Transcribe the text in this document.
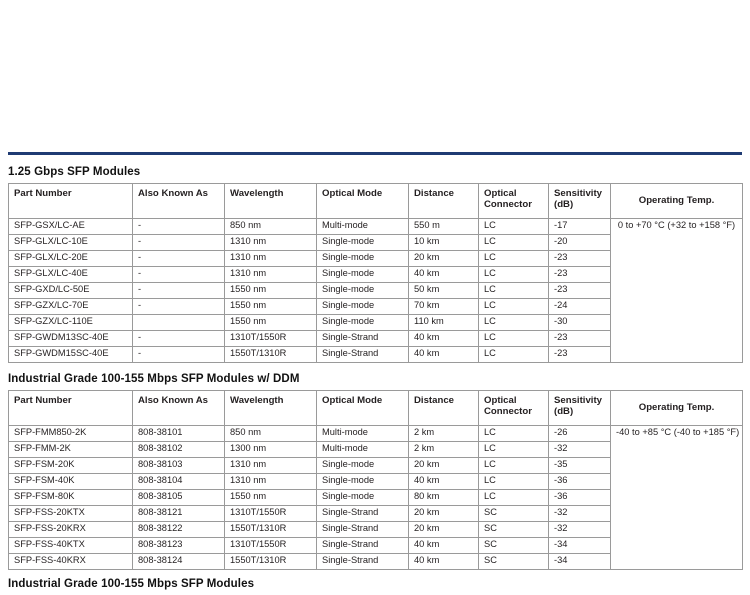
1.25 Gbps SFP Modules
Part Number	Also Known As	Wavelength	Optical Mode	Distance	Optical Connector	Sensitivity (dB)	Operating Temp.
SFP-GSX/LC-AE	-	850 nm	Multi-mode	550 m	LC	-17	0 to +70 °C (+32 to +158 °F)
SFP-GLX/LC-10E	-	1310 nm	Single-mode	10 km	LC	-20	
SFP-GLX/LC-20E	-	1310 nm	Single-mode	20 km	LC	-23	
SFP-GLX/LC-40E	-	1310 nm	Single-mode	40 km	LC	-23	
SFP-GXD/LC-50E	-	1550 nm	Single-mode	50 km	LC	-23	
SFP-GZX/LC-70E	-	1550 nm	Single-mode	70 km	LC	-24	
SFP-GZX/LC-110E		1550 nm	Single-mode	110 km	LC	-30	
SFP-GWDM13SC-40E	-	1310T/1550R	Single-Strand	40 km	LC	-23	
SFP-GWDM15SC-40E	-	1550T/1310R	Single-Strand	40 km	LC	-23	
Industrial Grade 100-155 Mbps SFP Modules w/ DDM
Part Number	Also Known As	Wavelength	Optical Mode	Distance	Optical Connector	Sensitivity (dB)	Operating Temp.
SFP-FMM850-2K	808-38101	850 nm	Multi-mode	2 km	LC	-26	-40 to +85 °C (-40 to +185 °F)
SFP-FMM-2K	808-38102	1300 nm	Multi-mode	2 km	LC	-32	
SFP-FSM-20K	808-38103	1310 nm	Single-mode	20 km	LC	-35	
SFP-FSM-40K	808-38104	1310 nm	Single-mode	40 km	LC	-36	
SFP-FSM-80K	808-38105	1550 nm	Single-mode	80 km	LC	-36	
SFP-FSS-20KTX	808-38121	1310T/1550R	Single-Strand	20 km	SC	-32	
SFP-FSS-20KRX	808-38122	1550T/1310R	Single-Strand	20 km	SC	-32	
SFP-FSS-40KTX	808-38123	1310T/1550R	Single-Strand	40 km	SC	-34	
SFP-FSS-40KRX	808-38124	1550T/1310R	Single-Strand	40 km	SC	-34	
Industrial Grade 100-155 Mbps SFP Modules
